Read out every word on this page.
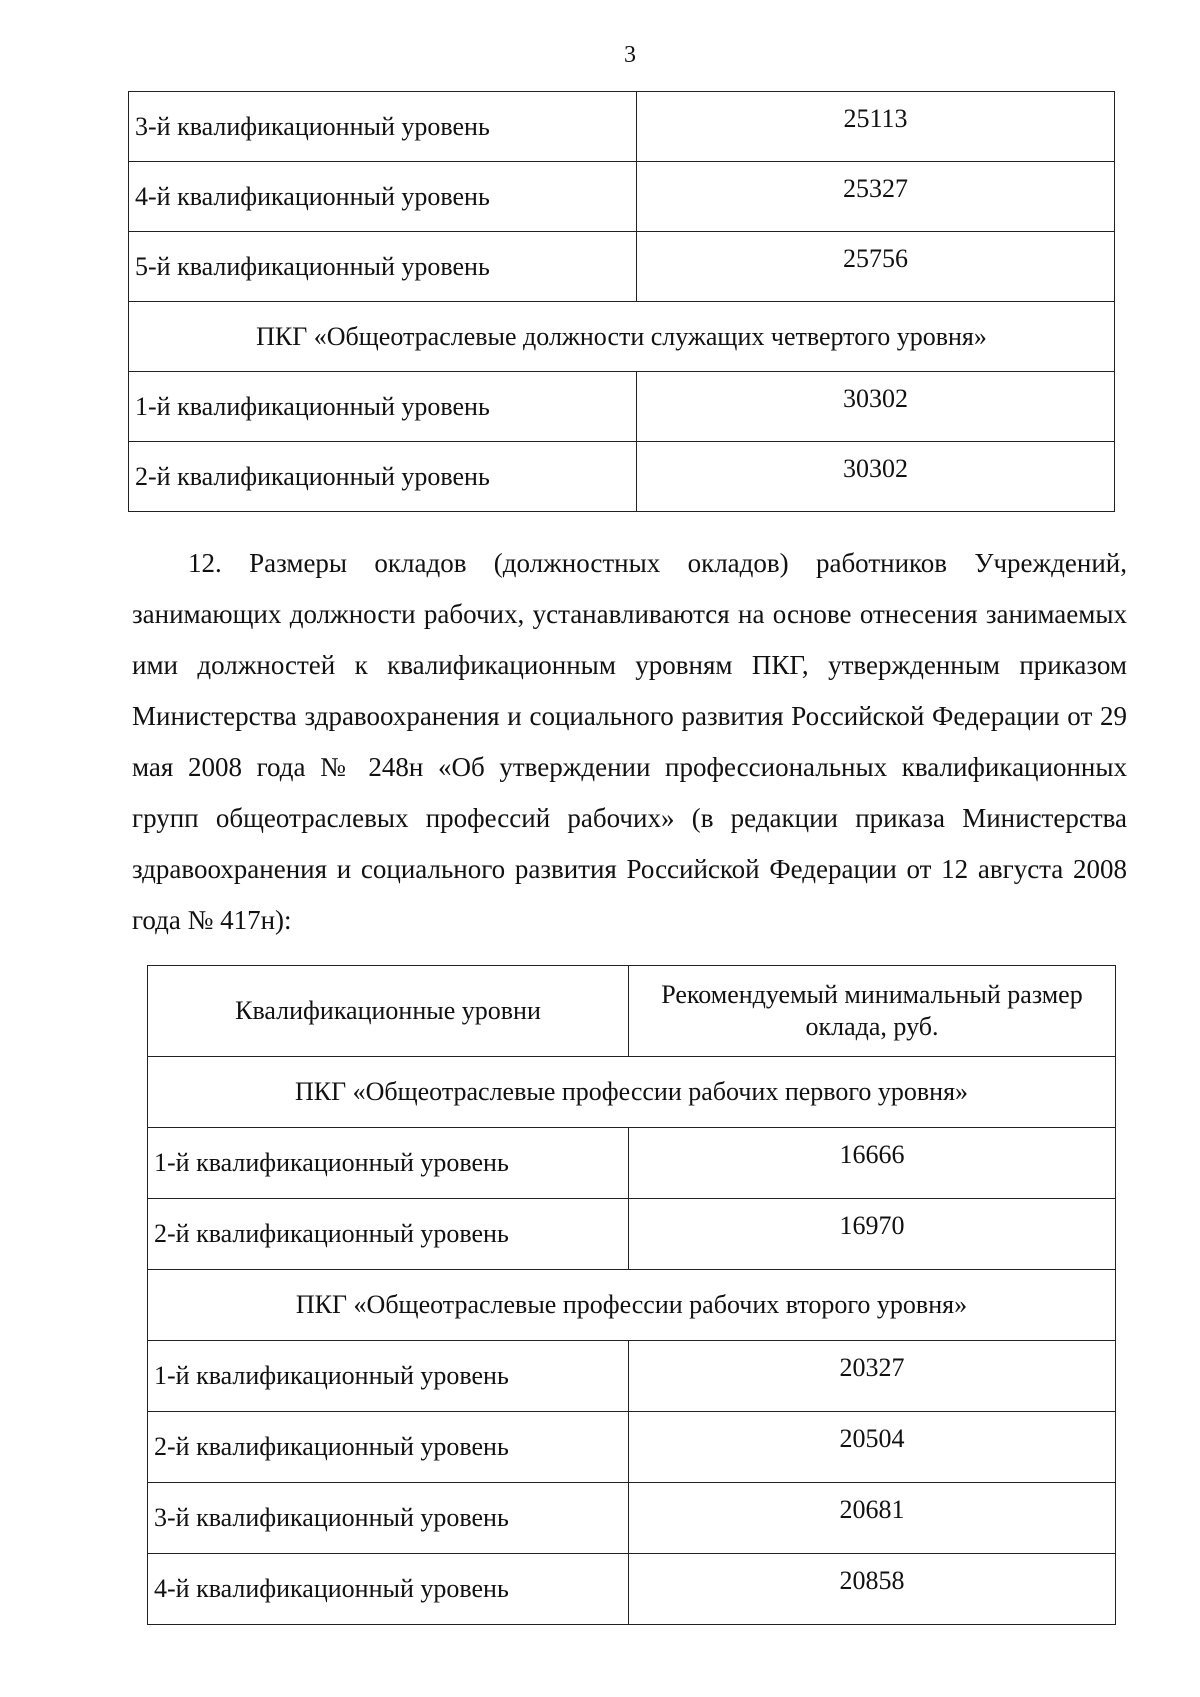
3
3-й квалификационный уровень	25113
4-й квалификационный уровень	25327
5-й квалификационный уровень	25756
ПКГ «Общеотраслевые должности служащих четвертого уровня»	
1-й квалификационный уровень	30302
2-й квалификационный уровень	30302
12. Размеры окладов (должностных окладов) работников Учреждений, занимающих должности рабочих, устанавливаются на основе отнесения занимаемых ими должностей к квалификационным уровням ПКГ, утвержденным приказом Министерства здравоохранения и социального развития Российской Федерации от 29 мая 2008 года № 248н «Об утверждении профессиональных квалификационных групп общеотраслевых профессий рабочих» (в редакции приказа Министерства здравоохранения и социального развития Российской Федерации от 12 августа 2008 года № 417н):
Квалификационные уровни	Рекомендуемый минимальный размер оклада, руб.
ПКГ «Общеотраслевые профессии рабочих первого уровня»	
1-й квалификационный уровень	16666
2-й квалификационный уровень	16970
ПКГ «Общеотраслевые профессии рабочих второго уровня»	
1-й квалификационный уровень	20327
2-й квалификационный уровень	20504
3-й квалификационный уровень	20681
4-й квалификационный уровень	20858
